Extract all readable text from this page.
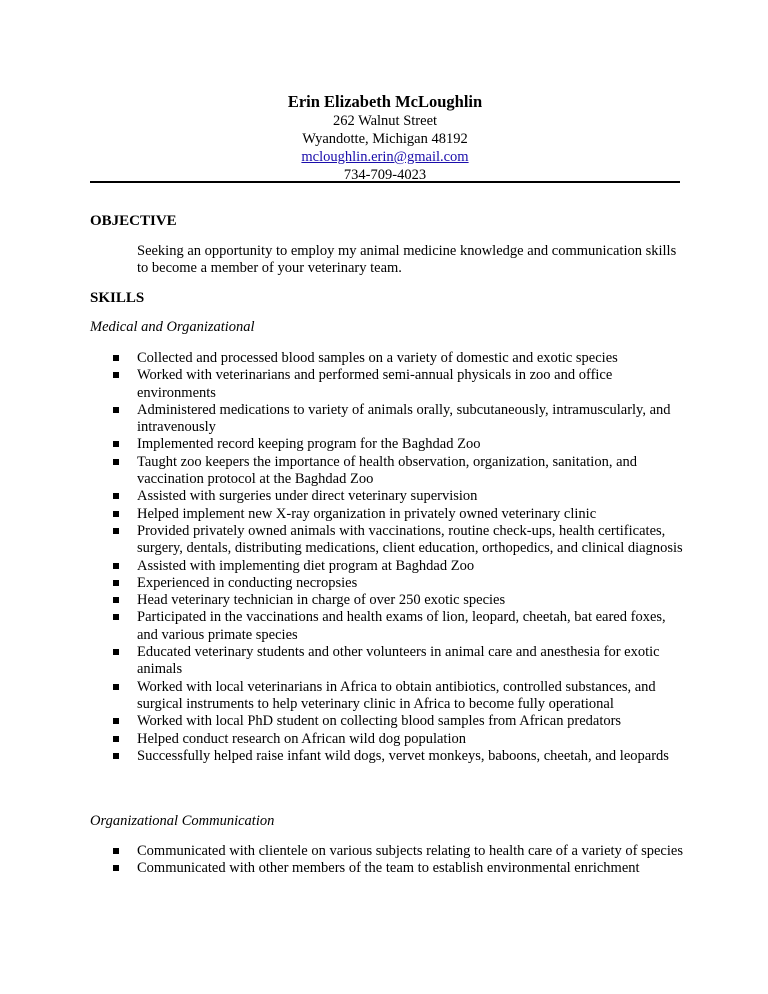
Erin Elizabeth McLoughlin
262 Walnut Street
Wyandotte, Michigan 48192
mcloughlin.erin@gmail.com
734-709-4023
OBJECTIVE
Seeking an opportunity to employ my animal medicine knowledge and communication skills to become a member of your veterinary team.
SKILLS
Medical and Organizational
Collected and processed blood samples on a variety of domestic and exotic species
Worked with veterinarians and performed semi-annual physicals in zoo and office environments
Administered medications to variety of animals orally, subcutaneously, intramuscularly, and intravenously
Implemented record keeping program for the Baghdad Zoo
Taught zoo keepers the importance of health observation, organization, sanitation, and vaccination protocol at the Baghdad Zoo
Assisted with surgeries under direct veterinary supervision
Helped implement new X-ray organization in privately owned veterinary clinic
Provided privately owned animals with vaccinations, routine check-ups, health certificates, surgery, dentals, distributing medications, client education, orthopedics, and clinical diagnosis
Assisted with implementing diet program at Baghdad Zoo
Experienced in conducting necropsies
Head veterinary technician in charge of over 250 exotic species
Participated in the vaccinations and health exams of lion, leopard, cheetah, bat eared foxes, and various primate species
Educated veterinary students and other volunteers in animal care and anesthesia for exotic animals
Worked with local veterinarians in Africa to obtain antibiotics, controlled substances, and surgical instruments to help veterinary clinic in Africa to become fully operational
Worked with local PhD student on collecting blood samples from African predators
Helped conduct research on African wild dog population
Successfully helped raise infant wild dogs, vervet monkeys, baboons, cheetah, and leopards
Organizational Communication
Communicated with clientele on various subjects relating to health care of a variety of species
Communicated with other members of the team to establish environmental enrichment
